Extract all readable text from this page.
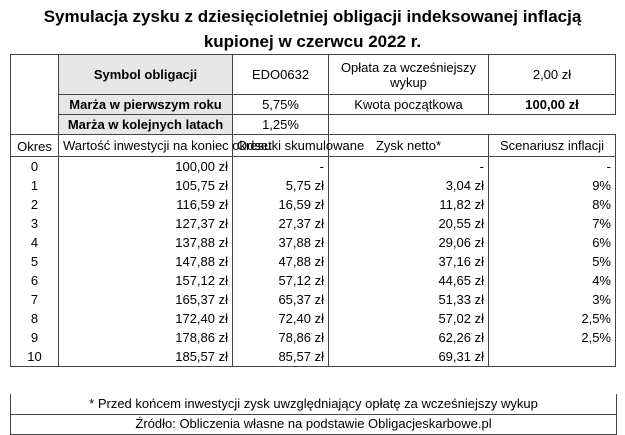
Symulacja zysku z dziesięcioletniej obligacji indeksowanej inflacją
kupionej w czerwcu 2022 r.
	Symbol obligacji	EDO0632	Opłata za wcześniejszy wykup	2,00 zł
	Marża w pierwszym roku	5,75%	Kwota początkowa	100,00 zł
	Marża w kolejnych latach	1,25%		
Okres	Wartość inwestycji na koniec okresu	Odsetki skumulowane	Zysk netto*	Scenariusz inflacji
0	100,00 zł	-	-	-
1	105,75 zł	5,75 zł	3,04 zł	9%
2	116,59 zł	16,59 zł	11,82 zł	8%
3	127,37 zł	27,37 zł	20,55 zł	7%
4	137,88 zł	37,88 zł	29,06 zł	6%
5	147,88 zł	47,88 zł	37,16 zł	5%
6	157,12 zł	57,12 zł	44,65 zł	4%
7	165,37 zł	65,37 zł	51,33 zł	3%
8	172,40 zł	72,40 zł	57,02 zł	2,5%
9	178,86 zł	78,86 zł	62,26 zł	2,5%
10	185,57 zł	85,57 zł	69,31 zł	
* Przed końcem inwestycji zysk uwzględniający opłatę za wcześniejszy wykup
Źródło: Obliczenia własne na podstawie Obligacjeskarbowe.pl
